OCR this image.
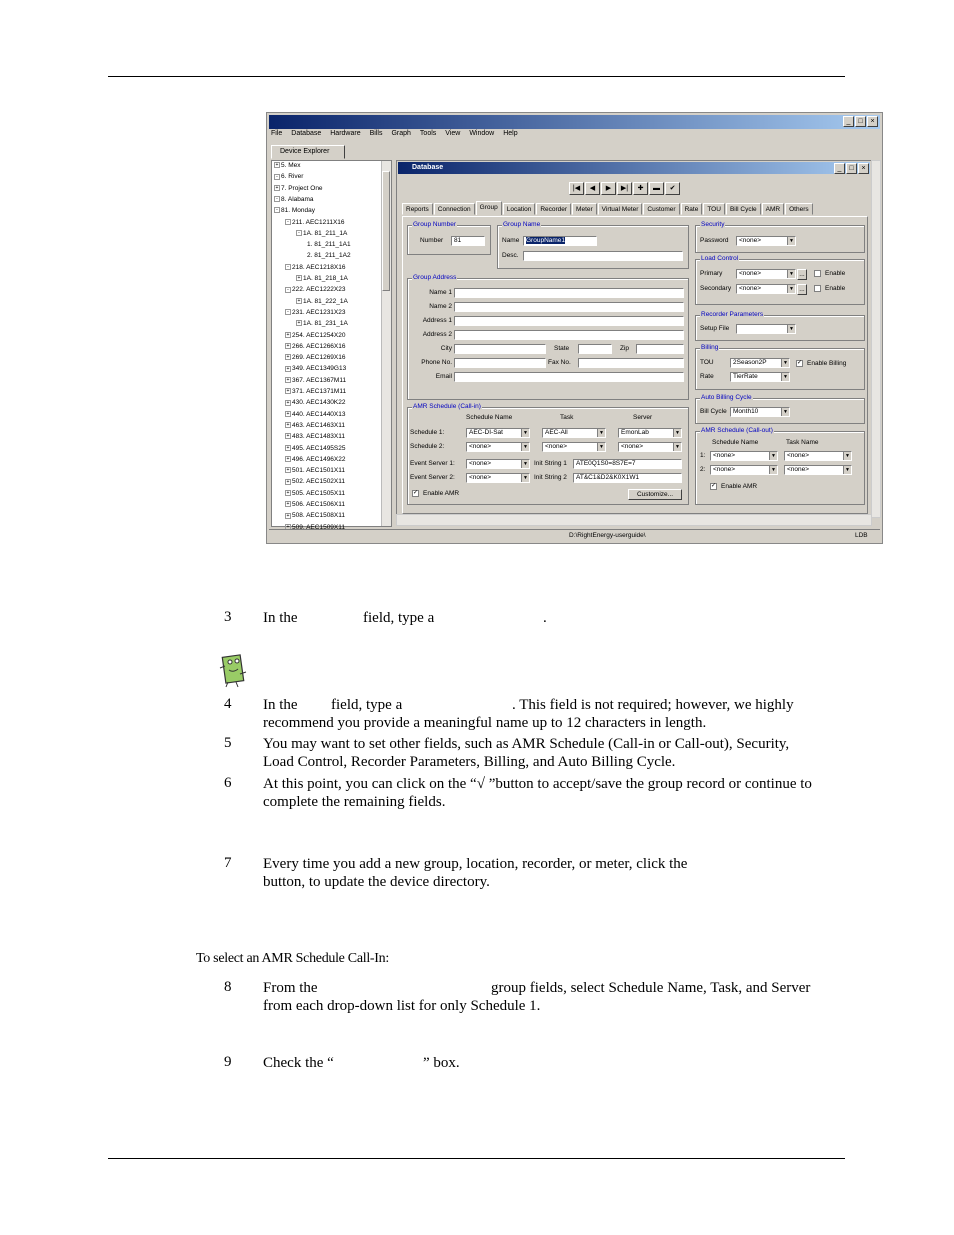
_	□	×
File Database Hardware Bills Graph Tools View Window Help
Device Explorer
+ 5. Mex
- 6. River
+ 7. Project One
- 8. Alabama
- 81. Monday
- 211. AEC1211X16
- 1A. 81_211_1A
1. 81_211_1A1
2. 81_211_1A2
- 218. AEC1218X16
+ 1A. 81_218_1A
- 222. AEC1222X23
+ 1A. 81_222_1A
- 231. AEC1231X23
+ 1A. 81_231_1A
+ 254. AEC1254X20
+ 266. AEC1266X16
+ 269. AEC1269X16
+ 349. AEC1349G13
+ 367. AEC1367M11
+ 371. AEC1371M11
+ 430. AEC1430K22
+ 440. AEC1440X13
+ 463. AEC1463X11
+ 483. AEC1483X11
+ 495. AEC1495S25
+ 496. AEC1496X22
+ 501. AEC1501X11
+ 502. AEC1502X11
+ 505. AEC1505X11
+ 506. AEC1506X11
+ 508. AEC1508X11
+ 509. AEC1509X11
Database	_	□	×
|◀	◀	▶	▶|	✚	▬	✔
Reports	Connection	Group	Location	Recorder	Meter	Virtual Meter	Customer	Rate	TOU	Bill Cycle	AMR	Others
Group Number
Number	81
Group Name
Name	GroupName1
Desc.
Group Address
Name 1
Name 2
Address 1
Address 2
City	State	Zip
Phone No.	Fax No.
Email
AMR Schedule (Call-in)
Schedule Name	Task	Server
Schedule 1:	AEC-DI-Sat	▼	AEC-All	▼	EmonLab	▼
Schedule 2:	<none>	▼	<none>	▼	<none>	▼
Event Server 1:	<none>	▼ Init String 1	ATE0Q1S0=8S7E=7
Event Server 2:	<none>	▼ Init String 2	AT&C1&D2&K0X1W1
✓ Enable AMR	Customize...
Security
Password	<none>	▼
Load Control
Primary	<none>	▼ ...	Enable
Secondary	<none>	▼ ...	Enable
Recorder Parameters
Setup File	▼
Billing
TOU	2Season2P	▼
Rate	TierRate	▼
✓ Enable Billing
Auto Billing Cycle
Bill Cycle Month10	▼
AMR Schedule (Call-out)
Schedule Name	Task Name
1:	<none>	▼	<none>	▼
2:	<none>	▼	<none>	▼
✓ Enable AMR
D:\RightEnergy-userguide\	LDB
3 In the	field, type a	.
4 In the field, type a	. This field is not required; however, we highly
recommend you provide a meaningful name up to 12 characters in length.
5 You may want to set other fields, such as AMR Schedule (Call-in or Call-out), Security,
Load Control, Recorder Parameters, Billing, and Auto Billing Cycle.
6 At this point, you can click on the “√ ”button to accept/save the group record or continue to
complete the remaining fields.
7 Every time you add a new group, location, recorder, or meter, click the
button, to update the device directory.
To select an AMR Schedule Call-In:
8 From the	group fields, select Schedule Name, Task, and Server
from each drop-down list for only Schedule 1.
9 Check the “	” box.
